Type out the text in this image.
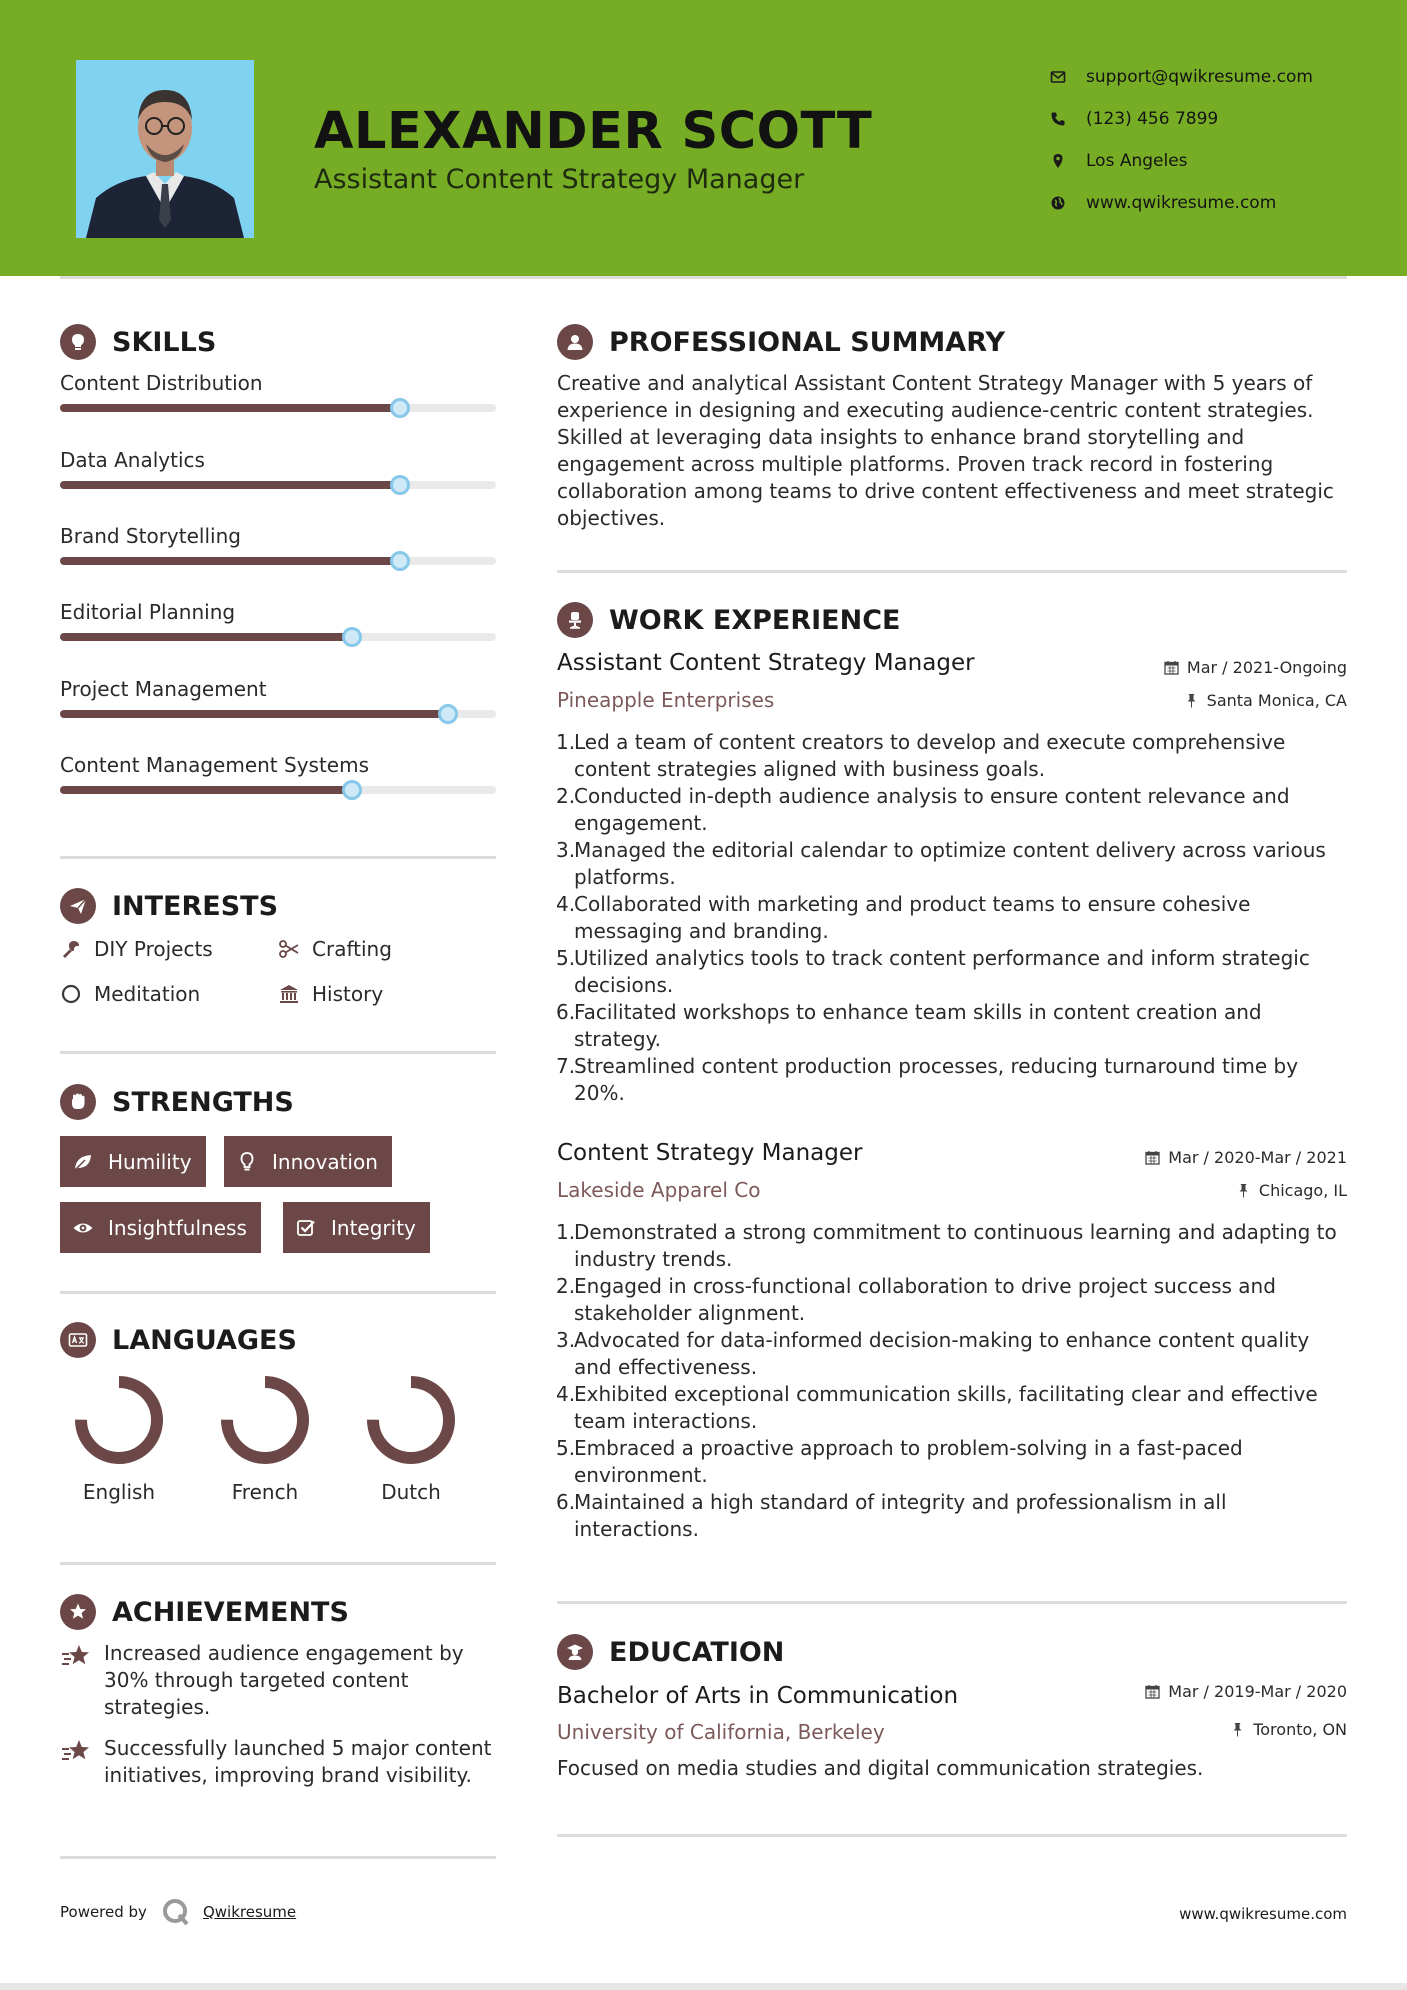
ALEXANDER SCOTT
Assistant Content Strategy Manager
support@qwikresume.com
(123) 456 7899
Los Angeles
www.qwikresume.com
SKILLS
Content Distribution
Data Analytics
Brand Storytelling
Editorial Planning
Project Management
Content Management Systems
INTERESTS
DIY Projects	Crafting
Meditation	History
STRENGTHS
Humility	Innovation
Insightfulness	Integrity
LANGUAGES
English	French	Dutch
ACHIEVEMENTS
Increased audience engagement by 30% through targeted content strategies.
Successfully launched 5 major content initiatives, improving brand visibility.
PROFESSIONAL SUMMARY
Creative and analytical Assistant Content Strategy Manager with 5 years of experience in designing and executing audience-centric content strategies. Skilled at leveraging data insights to enhance brand storytelling and engagement across multiple platforms. Proven track record in fostering collaboration among teams to drive content effectiveness and meet strategic objectives.
WORK EXPERIENCE
Assistant Content Strategy Manager	Mar / 2021-Ongoing
Pineapple Enterprises	Santa Monica, CA
1.
Led a team of content creators to develop and execute comprehensive content strategies aligned with business goals.
2.
Conducted in-depth audience analysis to ensure content relevance and engagement.
3.
Managed the editorial calendar to optimize content delivery across various platforms.
4.
Collaborated with marketing and product teams to ensure cohesive messaging and branding.
5.
Utilized analytics tools to track content performance and inform strategic decisions.
6.
Facilitated workshops to enhance team skills in content creation and strategy.
7.
Streamlined content production processes, reducing turnaround time by 20%.
Content Strategy Manager	Mar / 2020-Mar / 2021
Lakeside Apparel Co	Chicago, IL
1.
Demonstrated a strong commitment to continuous learning and adapting to industry trends.
2.
Engaged in cross-functional collaboration to drive project success and stakeholder alignment.
3.
Advocated for data-informed decision-making to enhance content quality and effectiveness.
4.
Exhibited exceptional communication skills, facilitating clear and effective team interactions.
5.
Embraced a proactive approach to problem-solving in a fast-paced environment.
6.
Maintained a high standard of integrity and professionalism in all interactions.
EDUCATION
Bachelor of Arts in Communication	Mar / 2019-Mar / 2020
University of California, Berkeley	Toronto, ON
Focused on media studies and digital communication strategies.
Powered by	Qwikresume	www.qwikresume.com
